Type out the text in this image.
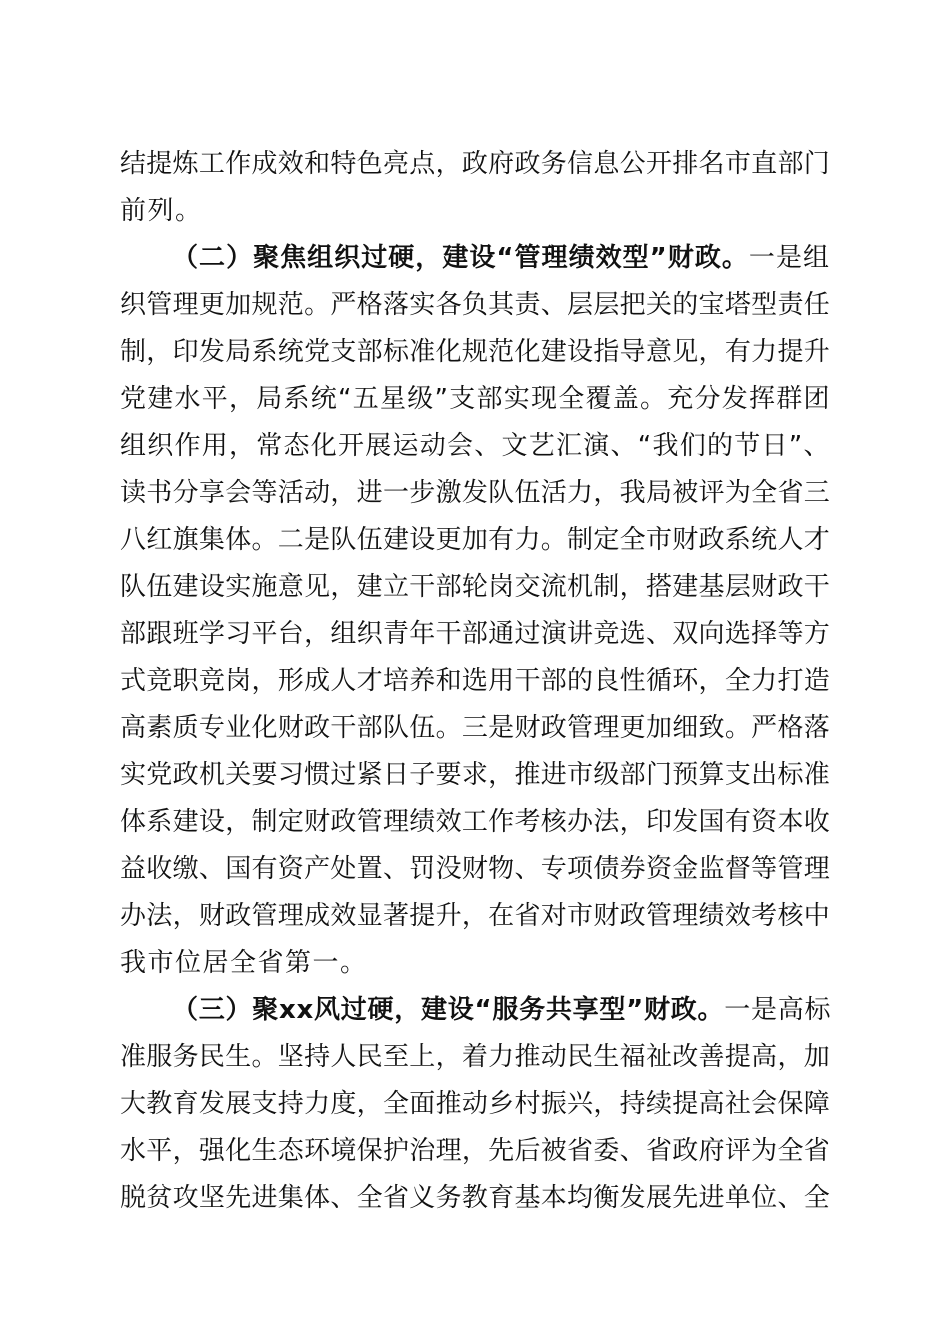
结提炼工作成效和特色亮点，政府政务信息公开排名市直部门
前列。
（二）聚焦组织过硬，建设“管理绩效型”财政。一是组
织管理更加规范。严格落实各负其责、层层把关的宝塔型责任
制，印发局系统党支部标准化规范化建设指导意见，有力提升
党建水平，局系统“五星级”支部实现全覆盖。充分发挥群团
组织作用，常态化开展运动会、文艺汇演、“我们的节日”、
读书分享会等活动，进一步激发队伍活力，我局被评为全省三
八红旗集体。二是队伍建设更加有力。制定全市财政系统人才
队伍建设实施意见，建立干部轮岗交流机制，搭建基层财政干
部跟班学习平台，组织青年干部通过演讲竞选、双向选择等方
式竞职竞岗，形成人才培养和选用干部的良性循环，全力打造
高素质专业化财政干部队伍。三是财政管理更加细致。严格落
实党政机关要习惯过紧日子要求，推进市级部门预算支出标准
体系建设，制定财政管理绩效工作考核办法，印发国有资本收
益收缴、国有资产处置、罚没财物、专项债券资金监督等管理
办法，财政管理成效显著提升，在省对市财政管理绩效考核中
我市位居全省第一。
（三）聚xx风过硬，建设“服务共享型”财政。一是高标
准服务民生。坚持人民至上，着力推动民生福祉改善提高，加
大教育发展支持力度，全面推动乡村振兴，持续提高社会保障
水平，强化生态环境保护治理，先后被省委、省政府评为全省
脱贫攻坚先进集体、全省义务教育基本均衡发展先进单位、全
